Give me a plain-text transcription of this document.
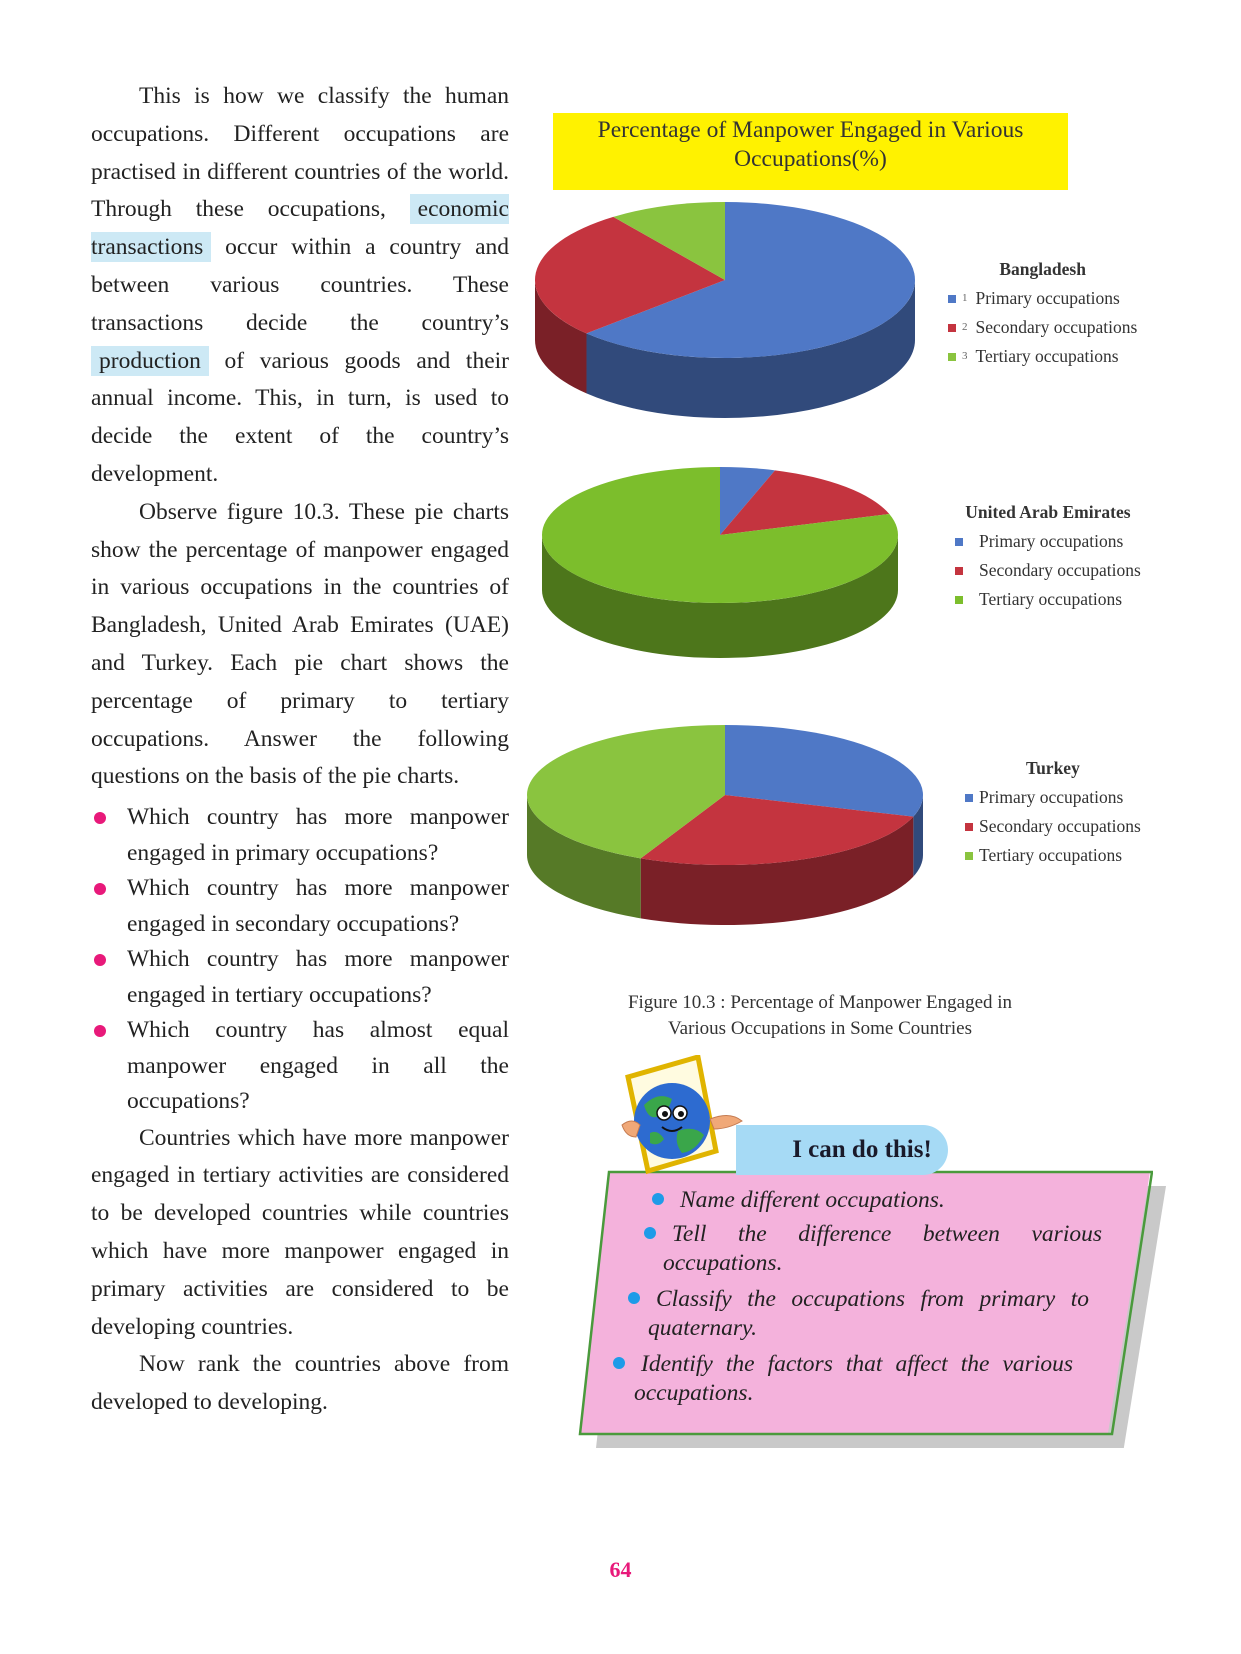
This is how we classify the human occupations. Different occupations are practised in different countries of the world. Through these occupations, economic transactions occur within a country and between various countries. These transactions decide the country’s production of various goods and their annual income. This, in turn, is used to decide the extent of the country’s development.

Observe figure 10.3. These pie charts show the percentage of manpower engaged in various occupations in the countries of Bangladesh, United Arab Emirates (UAE) and Turkey. Each pie chart shows the percentage of primary to tertiary occupations. Answer the following questions on the basis of the pie charts.

Which country has more manpower engaged in primary occupations?
Which country has more manpower engaged in secondary occupations?
Which country has more manpower engaged in tertiary occupations?
Which country has almost equal manpower engaged in all the occupations?

Countries which have more manpower engaged in tertiary activities are considered to be developed countries while countries which have more manpower engaged in primary activities are considered to be developing countries.

Now rank the countries above from developed to developing.

Percentage of Manpower Engaged in Various Occupations(%)
Bangladesh
1 Primary occupations
2 Secondary occupations
3 Tertiary occupations
United Arab Emirates
Primary occupations
Secondary occupations
Tertiary occupations
Turkey
Primary occupations
Secondary occupations
Tertiary occupations
Figure 10.3 : Percentage of Manpower Engaged in
Various Occupations in Some Countries
I can do this!
Name different occupations.
Tell the difference between various
occupations.
Classify the occupations from primary to
quaternary.
Identify the factors that affect the various
occupations.
64
